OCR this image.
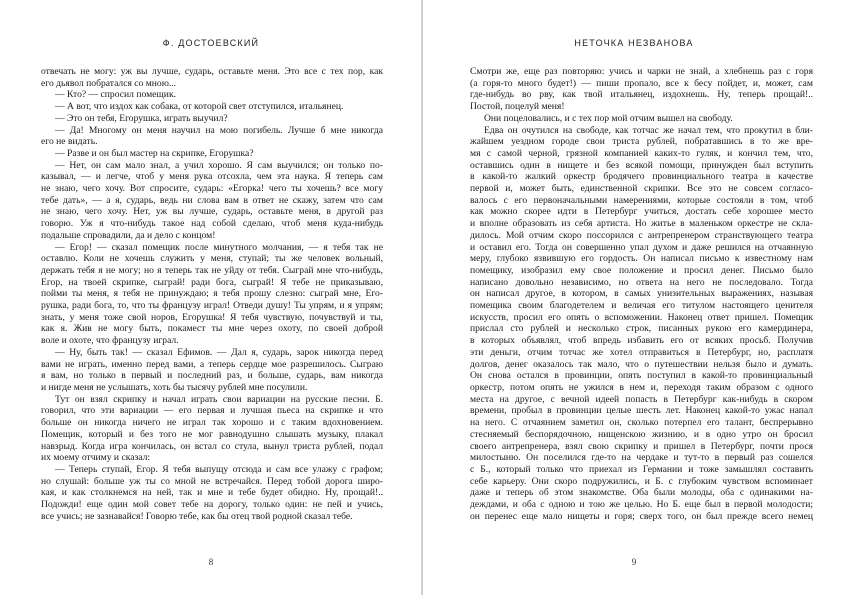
Ф. ДОСТОЕВСКИЙ
отвечать не могу: уж вы лучше, сударь, оставьте меня. Это все с тех пор, как
его дьявол побратался со мною...
— Кто? — спросил помещик.
— А вот, что издох как собака, от которой свет отступился, итальянец.
— Это он тебя, Егорушка, играть выучил?
— Да! Многому он меня научил на мою погибель. Лучше б мне никогда
его не видать.
— Разве и он был мастер на скрипке, Егорушка?
— Нет, он сам мало знал, а учил хорошо. Я сам выучился; он только по-
казывал, — и легче, чтоб у меня рука отсохла, чем эта наука. Я теперь сам
не знаю, чего хочу. Вот спросите, сударь: «Егорка! чего ты хочешь? все могу
тебе дать», — а я, сударь, ведь ни слова вам в ответ не скажу, затем что сам
не знаю, чего хочу. Нет, уж вы лучше, сударь, оставьте меня, в другой раз
говорю. Уж я что-нибудь такое над собой сделаю, чтоб меня куда-нибудь
подальше спровадили, да и дело с концом!
— Егор! — сказал помещик после минутного молчания, — я тебя так не
оставлю. Коли не хочешь служить у меня, ступай; ты же человек вольный,
держать тебя я не могу; но я теперь так не уйду от тебя. Сыграй мне что-нибудь,
Егор, на твоей скрипке, сыграй! ради бога, сыграй! Я тебе не приказываю,
пойми ты меня, я тебя не принуждаю; я тебя прошу слезно: сыграй мне, Его-
рушка, ради бога, то, что ты французу играл! Отведи душу! Ты упрям, и я упрям;
знать, у меня тоже свой норов, Егорушка! Я тебя чувствую, почувствуй и ты,
как я. Жив не могу быть, покамест ты мне через охоту, по своей доброй
воле и охоте, что французу играл.
— Ну, быть так! — сказал Ефимов. — Дал я, сударь, зарок никогда перед
вами не играть, именно перед вами, а теперь сердце мое разрешилось. Сыграю
я вам, но только в первый и последний раз, и больше, сударь, вам никогда
и нигде меня не услышать, хоть бы тысячу рублей мне посулили.
Тут он взял скрипку и начал играть свои вариации на русские песни. Б.
говорил, что эти вариации — его первая и лучшая пьеса на скрипке и что
больше он никогда ничего не играл так хорошо и с таким вдохновением.
Помещик, который и без того не мог равнодушно слышать музыку, плакал
навзрыд. Когда игра кончилась, он встал со стула, вынул триста рублей, подал
их моему отчиму и сказал:
— Теперь ступай, Егор. Я тебя выпущу отсюда и сам все улажу с графом;
но слушай: больше уж ты со мной не встречайся. Перед тобой дорога широ-
кая, и как столкнемся на ней, так и мне и тебе будет обидно. Ну, прощай!..
Подожди! еще один мой совет тебе на дорогу, только один: не пей и учись,
все учись; не зазнавайся! Говорю тебе, как бы отец твой родной сказал тебе.
8
НЕТОЧКА НЕЗВАНОВА
Смотри же, еще раз повторяю: учись и чарки не знай, а хлебнешь раз с горя
(а горя-то много будет!) — пиши пропало, все к бесу пойдет, и, может, сам
где-нибудь во рву, как твой итальянец, издохнешь. Ну, теперь прощай!..
Постой, поцелуй меня!
Они поцеловались, и с тех пор мой отчим вышел на свободу.
Едва он очутился на свободе, как тотчас же начал тем, что прокутил в бли-
жайшем уездном городе свои триста рублей, побратавшись в то же вре-
мя с самой черной, грязной компанией каких-то гуляк, и кончил тем, что,
оставшись один в нищете и без всякой помощи, принужден был вступить
в какой-то жалкий оркестр бродячего провинциального театра в качестве
первой и, может быть, единственной скрипки. Все это не совсем согласо-
валось с его первоначальными намерениями, которые состояли в том, чтоб
как можно скорее идти в Петербург учиться, достать себе хорошее место
и вполне образовать из себя артиста. Но житье в маленьком оркестре не скла-
дилось. Мой отчим скоро поссорился с антрепренером странствующего театра
и оставил его. Тогда он совершенно упал духом и даже решился на отчаянную
меру, глубоко язвившую его гордость. Он написал письмо к известному нам
помещику, изобразил ему свое положение и просил денег. Письмо было
написано довольно независимо, но ответа на него не последовало. Тогда
он написал другое, в котором, в самых унизительных выражениях, называя
помещика своим благодетелем и величая его титулом настоящего ценителя
искусств, просил его опять о вспоможении. Наконец ответ пришел. Помещик
прислал сто рублей и несколько строк, писанных рукою его камердинера,
в которых объявлял, чтоб впредь избавить его от всяких просьб. Получив
эти деньги, отчим тотчас же хотел отправиться в Петербург, но, расплатя
долгов, денег оказалось так мало, что о путешествии нельзя было и думать.
Он снова остался в провинции, опять поступил в какой-то провинциальный
оркестр, потом опять не ужился в нем и, переходя таким образом с одного
места на другое, с вечной идеей попасть в Петербург как-нибудь в скором
времени, пробыл в провинции целые шесть лет. Наконец какой-то ужас напал
на него. С отчаянием заметил он, сколько потерпел его талант, беспрерывно
стесняемый беспорядочною, нищенскою жизнию, и в одно утро он бросил
своего антрепренера, взял свою скрипку и пришел в Петербург, почти прося
милостыню. Он поселился где-то на чердаке и тут-то в первый раз сошелся
с Б., который только что приехал из Германии и тоже замышлял составить
себе карьеру. Они скоро подружились, и Б. с глубоким чувством вспоминает
даже и теперь об этом знакомстве. Оба были молоды, оба с одинакими на-
деждами, и оба с одною и тою же целью. Но Б. еще был в первой молодости;
он перенес еще мало нищеты и горя; сверх того, он был прежде всего немец
9
